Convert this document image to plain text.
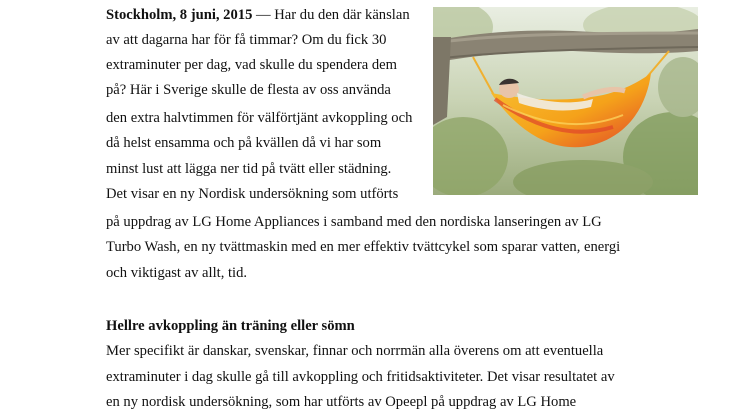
Stockholm, 8 juni, 2015 — Har du den där känslan
av att dagarna har för få timmar? Om du fick 30
extraminuter per dag, vad skulle du spendera dem
på? Här i Sverige skulle de flesta av oss använda
den extra halvtimmen för välförtjänt avkoppling och
då helst ensamma och på kvällen då vi har som
minst lust att lägga ner tid på tvätt eller städning.
Det visar en ny Nordisk undersökning som utförts
på uppdrag av LG Home Appliances i samband med den nordiska lanseringen av LG
Turbo Wash, en ny tvättmaskin med en mer effektiv tvättcykel som sparar vatten, energi
och viktigast av allt, tid.
Hellre avkoppling än träning eller sömn
Mer specifikt är danskar, svenskar, finnar och norrmän alla överens om att eventuella
extraminuter i dag skulle gå till avkoppling och fritidsaktiviteter. Det visar resultatet av
en ny nordisk undersökning, som har utförts av Opeepl på uppdrag av LG Home
